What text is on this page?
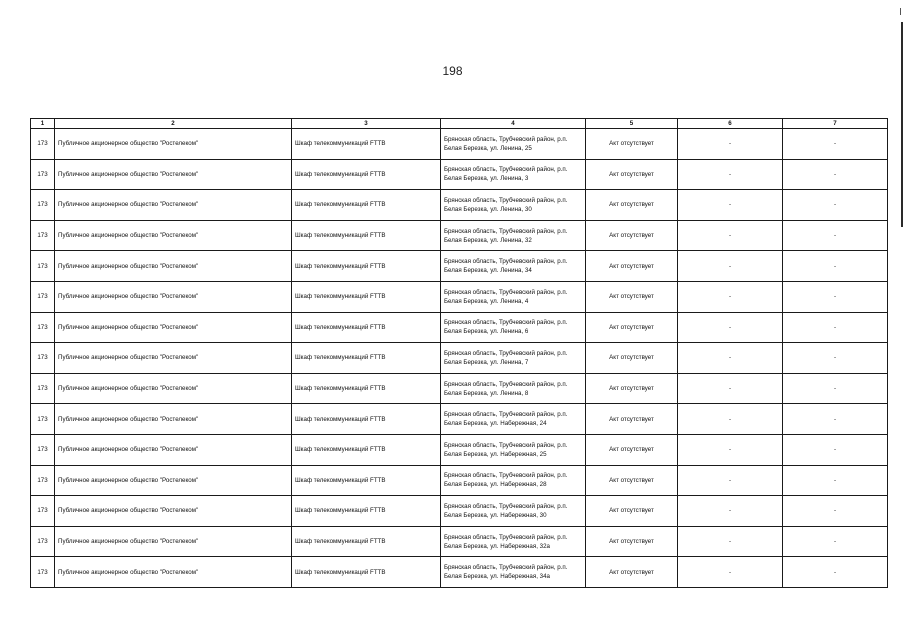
198
1	2	3	4	5	6	7
173	Публичное акционерное общество "Ростелеком"	Шкаф телекоммуникаций FTTB	Брянская область, Трубчевский район, р.п. Белая Березка, ул. Ленина, 25	Акт отсутствует	-	-
173	Публичное акционерное общество "Ростелеком"	Шкаф телекоммуникаций FTTB	Брянская область, Трубчевский район, р.п. Белая Березка, ул. Ленина, 3	Акт отсутствует	-	-
173	Публичное акционерное общество "Ростелеком"	Шкаф телекоммуникаций FTTB	Брянская область, Трубчевский район, р.п. Белая Березка, ул. Ленина, 30	Акт отсутствует	-	-
173	Публичное акционерное общество "Ростелеком"	Шкаф телекоммуникаций FTTB	Брянская область, Трубчевский район, р.п. Белая Березка, ул. Ленина, 32	Акт отсутствует	-	-
173	Публичное акционерное общество "Ростелеком"	Шкаф телекоммуникаций FTTB	Брянская область, Трубчевский район, р.п. Белая Березка, ул. Ленина, 34	Акт отсутствует	-	-
173	Публичное акционерное общество "Ростелеком"	Шкаф телекоммуникаций FTTB	Брянская область, Трубчевский район, р.п. Белая Березка, ул. Ленина, 4	Акт отсутствует	-	-
173	Публичное акционерное общество "Ростелеком"	Шкаф телекоммуникаций FTTB	Брянская область, Трубчевский район, р.п. Белая Березка, ул. Ленина, 6	Акт отсутствует	-	-
173	Публичное акционерное общество "Ростелеком"	Шкаф телекоммуникаций FTTB	Брянская область, Трубчевский район, р.п. Белая Березка, ул. Ленина, 7	Акт отсутствует	-	-
173	Публичное акционерное общество "Ростелеком"	Шкаф телекоммуникаций FTTB	Брянская область, Трубчевский район, р.п. Белая Березка, ул. Ленина, 8	Акт отсутствует	-	-
173	Публичное акционерное общество "Ростелеком"	Шкаф телекоммуникаций FTTB	Брянская область, Трубчевский район, р.п. Белая Березка, ул. Набережная, 24	Акт отсутствует	-	-
173	Публичное акционерное общество "Ростелеком"	Шкаф телекоммуникаций FTTB	Брянская область, Трубчевский район, р.п. Белая Березка, ул. Набережная, 25	Акт отсутствует	-	-
173	Публичное акционерное общество "Ростелеком"	Шкаф телекоммуникаций FTTB	Брянская область, Трубчевский район, р.п. Белая Березка, ул. Набережная, 28	Акт отсутствует	-	-
173	Публичное акционерное общество "Ростелеком"	Шкаф телекоммуникаций FTTB	Брянская область, Трубчевский район, р.п. Белая Березка, ул. Набережная, 30	Акт отсутствует	-	-
173	Публичное акционерное общество "Ростелеком"	Шкаф телекоммуникаций FTTB	Брянская область, Трубчевский район, р.п. Белая Березка, ул. Набережная, 32а	Акт отсутствует	-	-
173	Публичное акционерное общество "Ростелеком"	Шкаф телекоммуникаций FTTB	Брянская область, Трубчевский район, р.п. Белая Березка, ул. Набережная, 34а	Акт отсутствует	-	-
